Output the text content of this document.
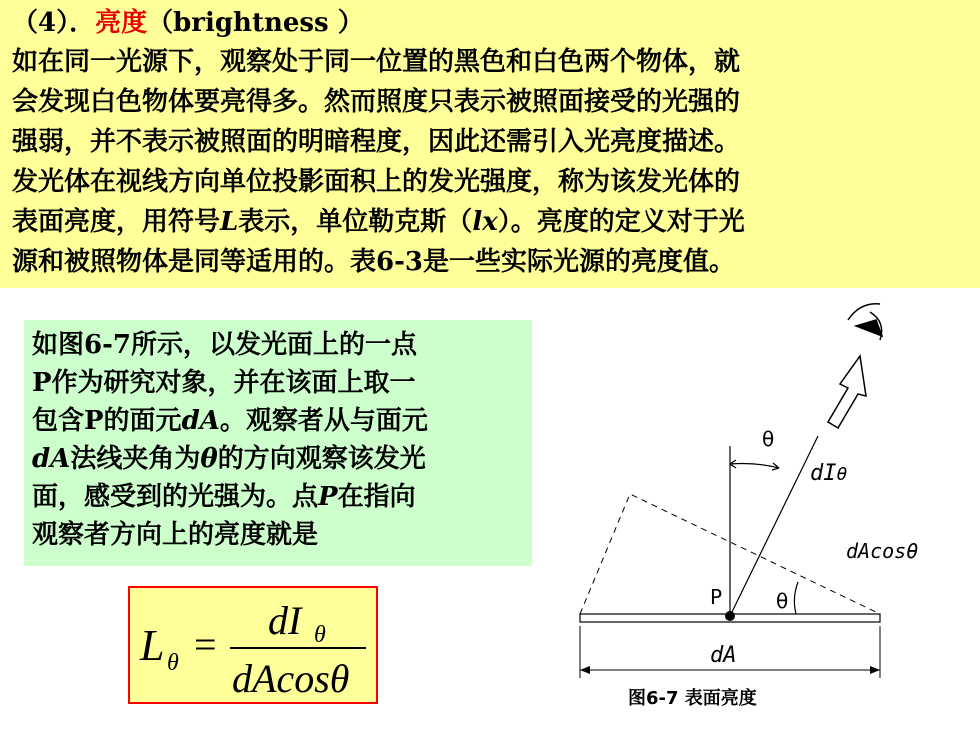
（4）．亮度（brightness ）
如在同一光源下，观察处于同一位置的黑色和白色两个物体，就
会发现白色物体要亮得多。然而照度只表示被照面接受的光强的
强弱，并不表示被照面的明暗程度，因此还需引入光亮度描述。
发光体在视线方向单位投影面积上的发光强度，称为该发光体的
表面亮度，用符号L表示，单位勒克斯（lx）。亮度的定义对于光
源和被照物体是同等适用的。表6-3是一些实际光源的亮度值。
如图6-7所示，以发光面上的一点
P作为研究对象，并在该面上取一
包含P的面元dA。观察者从与面元
dA法线夹角为θ的方向观察该发光
面，感受到的光强为。点P在指向
观察者方向上的亮度就是
L θ =
dI θ
dAcosθ
θ
dIθ
dAcosθ
P	θ
dA
图6-7 表面亮度
